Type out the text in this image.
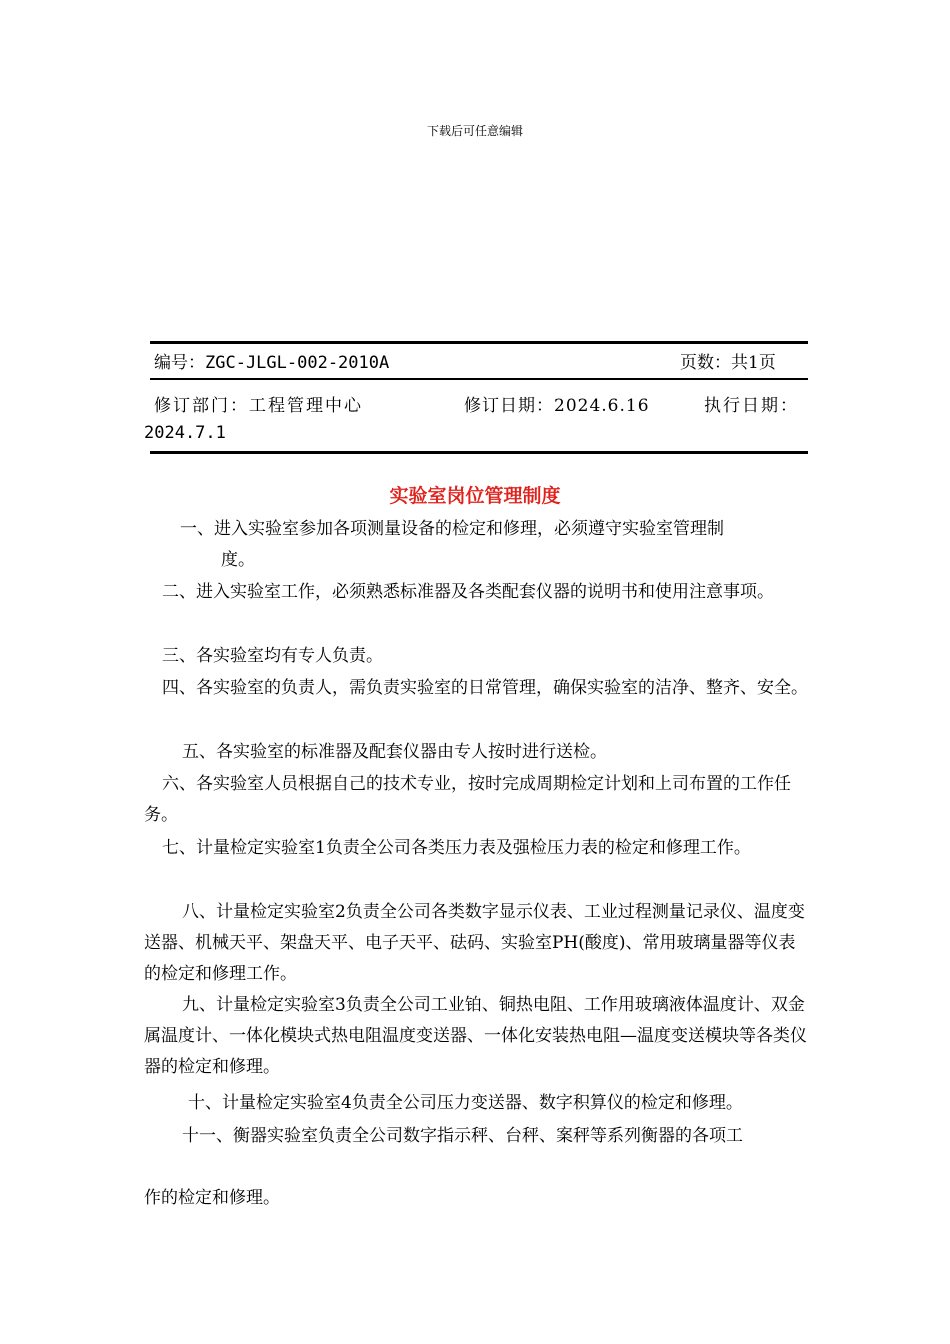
下载后可任意编辑
编号：ZGC-JLGL-002-2010A	页数：共1页
修订部门：工程管理中心	修订日期：2024.6.16	执行日期：
2024.7.1
实验室岗位管理制度

一、进入实验室参加各项测量设备的检定和修理，必须遵守实验室管理制

度。

二、进入实验室工作，必须熟悉标准器及各类配套仪器的说明书和使用注意事项。

三、各实验室均有专人负责。

四、各实验室的负责人，需负责实验室的日常管理，确保实验室的洁净、整齐、安全。

五、各实验室的标准器及配套仪器由专人按时进行送检。

六、各实验室人员根据自己的技术专业，按时完成周期检定计划和上司布置的工作任务。

七、计量检定实验室1负责全公司各类压力表及强检压力表的检定和修理工作。

八、计量检定实验室2负责全公司各类数字显示仪表、工业过程测量记录仪、温度变送器、机械天平、架盘天平、电子天平、砝码、实验室PH(酸度)、常用玻璃量器等仪表的检定和修理工作。

九、计量检定实验室3负责全公司工业铂、铜热电阻、工作用玻璃液体温度计、双金属温度计、一体化模块式热电阻温度变送器、一体化安装热电阻—温度变送模块等各类仪器的检定和修理。

十、计量检定实验室4负责全公司压力变送器、数字积算仪的检定和修理。

十一、衡器实验室负责全公司数字指示秤、台秤、案秤等系列衡器的各项工

作的检定和修理。
